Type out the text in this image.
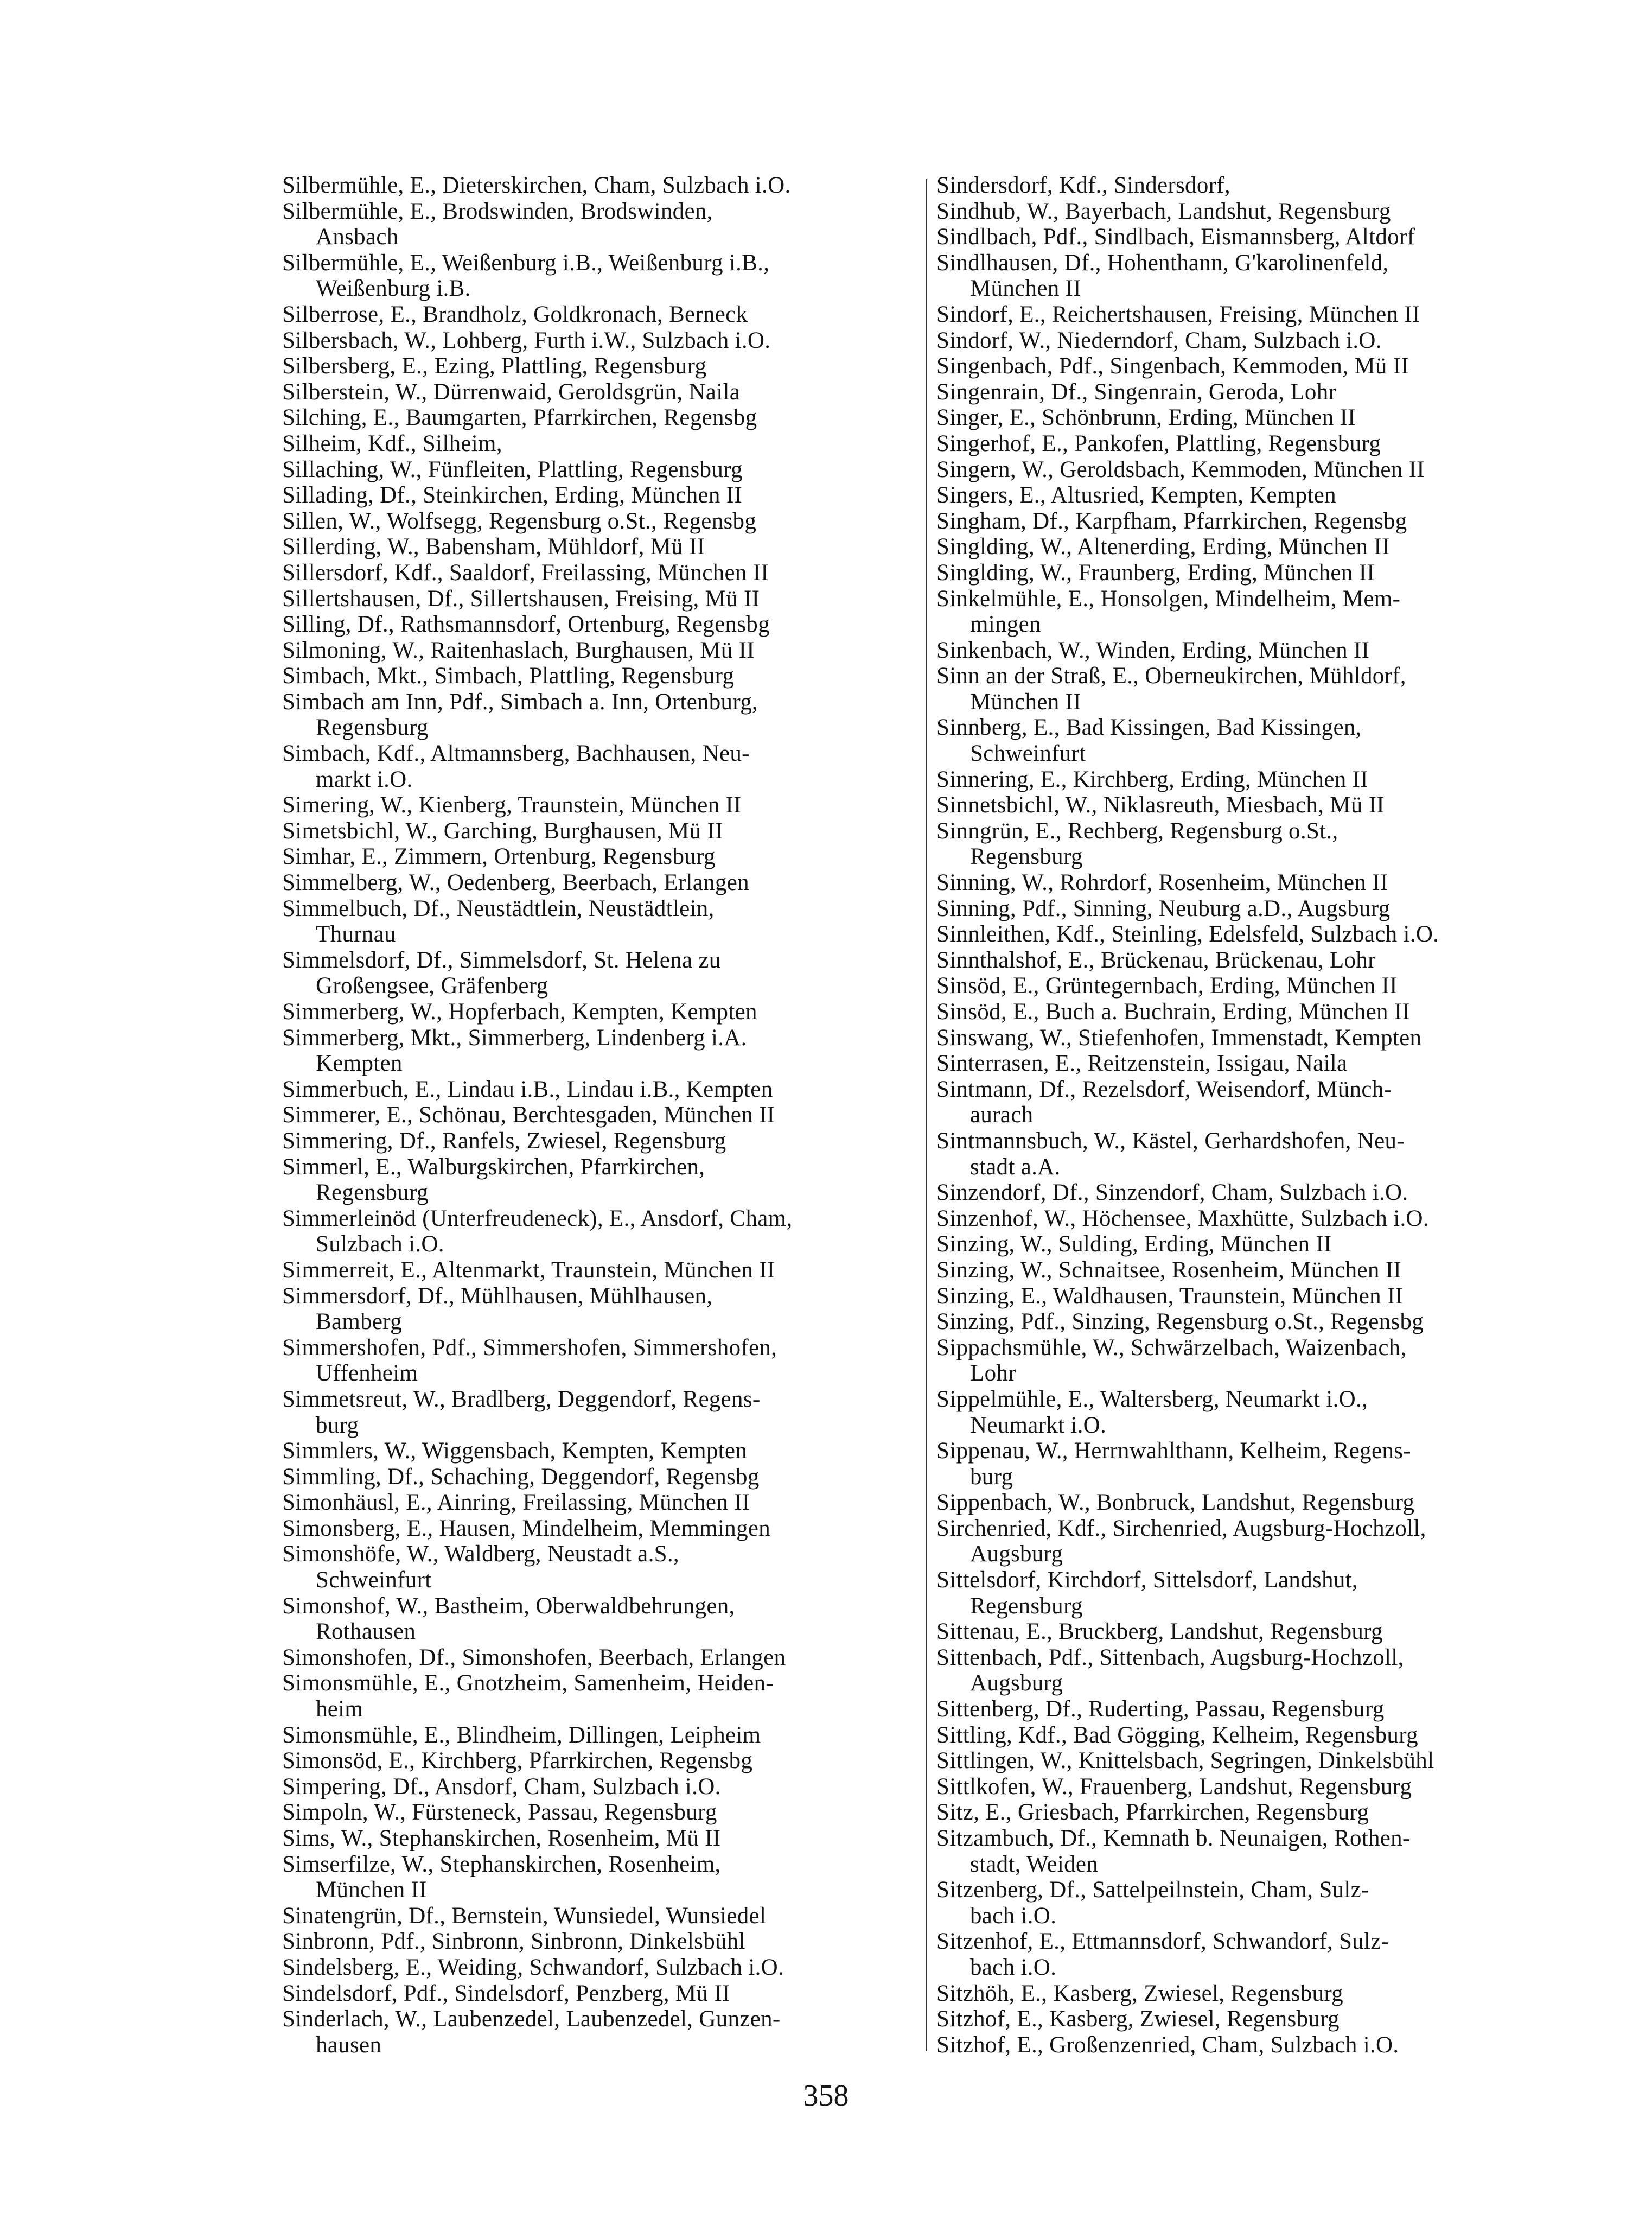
Silbermühle, E., Dieterskirchen, Cham, Sulzbach i.O.
Silbermühle, E., Brodswinden, Brodswinden,
Ansbach
Silbermühle, E., Weißenburg i.B., Weißenburg i.B.,
Weißenburg i.B.
Silberrose, E., Brandholz, Goldkronach, Berneck
Silbersbach, W., Lohberg, Furth i.W., Sulzbach i.O.
Silbersberg, E., Ezing, Plattling, Regensburg
Silberstein, W., Dürrenwaid, Geroldsgrün, Naila
Silching, E., Baumgarten, Pfarrkirchen, Regensbg
Silheim, Kdf., Silheim,
Sillaching, W., Fünfleiten, Plattling, Regensburg
Sillading, Df., Steinkirchen, Erding, München II
Sillen, W., Wolfsegg, Regensburg o.St., Regensbg
Sillerding, W., Babensham, Mühldorf, Mü II
Sillersdorf, Kdf., Saaldorf, Freilassing, München II
Sillertshausen, Df., Sillertshausen, Freising, Mü II
Silling, Df., Rathsmannsdorf, Ortenburg, Regensbg
Silmoning, W., Raitenhaslach, Burghausen, Mü II
Simbach, Mkt., Simbach, Plattling, Regensburg
Simbach am Inn, Pdf., Simbach a. Inn, Ortenburg,
Regensburg
Simbach, Kdf., Altmannsberg, Bachhausen, Neu-
markt i.O.
Simering, W., Kienberg, Traunstein, München II
Simetsbichl, W., Garching, Burghausen, Mü II
Simhar, E., Zimmern, Ortenburg, Regensburg
Simmelberg, W., Oedenberg, Beerbach, Erlangen
Simmelbuch, Df., Neustädtlein, Neustädtlein,
Thurnau
Simmelsdorf, Df., Simmelsdorf, St. Helena zu
Großengsee, Gräfenberg
Simmerberg, W., Hopferbach, Kempten, Kempten
Simmerberg, Mkt., Simmerberg, Lindenberg i.A.
Kempten
Simmerbuch, E., Lindau i.B., Lindau i.B., Kempten
Simmerer, E., Schönau, Berchtesgaden, München II
Simmering, Df., Ranfels, Zwiesel, Regensburg
Simmerl, E., Walburgskirchen, Pfarrkirchen,
Regensburg
Simmerleinöd (Unterfreudeneck), E., Ansdorf, Cham,
Sulzbach i.O.
Simmerreit, E., Altenmarkt, Traunstein, München II
Simmersdorf, Df., Mühlhausen, Mühlhausen,
Bamberg
Simmershofen, Pdf., Simmershofen, Simmershofen,
Uffenheim
Simmetsreut, W., Bradlberg, Deggendorf, Regens-
burg
Simmlers, W., Wiggensbach, Kempten, Kempten
Simmling, Df., Schaching, Deggendorf, Regensbg
Simonhäusl, E., Ainring, Freilassing, München II
Simonsberg, E., Hausen, Mindelheim, Memmingen
Simonshöfe, W., Waldberg, Neustadt a.S.,
Schweinfurt
Simonshof, W., Bastheim, Oberwaldbehrungen,
Rothausen
Simonshofen, Df., Simonshofen, Beerbach, Erlangen
Simonsmühle, E., Gnotzheim, Samenheim, Heiden-
heim
Simonsmühle, E., Blindheim, Dillingen, Leipheim
Simonsöd, E., Kirchberg, Pfarrkirchen, Regensbg
Simpering, Df., Ansdorf, Cham, Sulzbach i.O.
Simpoln, W., Fürsteneck, Passau, Regensburg
Sims, W., Stephanskirchen, Rosenheim, Mü II
Simserfilze, W., Stephanskirchen, Rosenheim,
München II
Sinatengrün, Df., Bernstein, Wunsiedel, Wunsiedel
Sinbronn, Pdf., Sinbronn, Sinbronn, Dinkelsbühl
Sindelsberg, E., Weiding, Schwandorf, Sulzbach i.O.
Sindelsdorf, Pdf., Sindelsdorf, Penzberg, Mü II
Sinderlach, W., Laubenzedel, Laubenzedel, Gunzen-
hausen
Sindersdorf, Kdf., Sindersdorf,
Sindhub, W., Bayerbach, Landshut, Regensburg
Sindlbach, Pdf., Sindlbach, Eismannsberg, Altdorf
Sindlhausen, Df., Hohenthann, G'karolinenfeld,
München II
Sindorf, E., Reichertshausen, Freising, München II
Sindorf, W., Niederndorf, Cham, Sulzbach i.O.
Singenbach, Pdf., Singenbach, Kemmoden, Mü II
Singenrain, Df., Singenrain, Geroda, Lohr
Singer, E., Schönbrunn, Erding, München II
Singerhof, E., Pankofen, Plattling, Regensburg
Singern, W., Geroldsbach, Kemmoden, München II
Singers, E., Altusried, Kempten, Kempten
Singham, Df., Karpfham, Pfarrkirchen, Regensbg
Singlding, W., Altenerding, Erding, München II
Singlding, W., Fraunberg, Erding, München II
Sinkelmühle, E., Honsolgen, Mindelheim, Mem-
mingen
Sinkenbach, W., Winden, Erding, München II
Sinn an der Straß, E., Oberneukirchen, Mühldorf,
München II
Sinnberg, E., Bad Kissingen, Bad Kissingen,
Schweinfurt
Sinnering, E., Kirchberg, Erding, München II
Sinnetsbichl, W., Niklasreuth, Miesbach, Mü II
Sinngrün, E., Rechberg, Regensburg o.St.,
Regensburg
Sinning, W., Rohrdorf, Rosenheim, München II
Sinning, Pdf., Sinning, Neuburg a.D., Augsburg
Sinnleithen, Kdf., Steinling, Edelsfeld, Sulzbach i.O.
Sinnthalshof, E., Brückenau, Brückenau, Lohr
Sinsöd, E., Grüntegernbach, Erding, München II
Sinsöd, E., Buch a. Buchrain, Erding, München II
Sinswang, W., Stiefenhofen, Immenstadt, Kempten
Sinterrasen, E., Reitzenstein, Issigau, Naila
Sintmann, Df., Rezelsdorf, Weisendorf, Münch-
aurach
Sintmannsbuch, W., Kästel, Gerhardshofen, Neu-
stadt a.A.
Sinzendorf, Df., Sinzendorf, Cham, Sulzbach i.O.
Sinzenhof, W., Höchensee, Maxhütte, Sulzbach i.O.
Sinzing, W., Sulding, Erding, München II
Sinzing, W., Schnaitsee, Rosenheim, München II
Sinzing, E., Waldhausen, Traunstein, München II
Sinzing, Pdf., Sinzing, Regensburg o.St., Regensbg
Sippachsmühle, W., Schwärzelbach, Waizenbach,
Lohr
Sippelmühle, E., Waltersberg, Neumarkt i.O.,
Neumarkt i.O.
Sippenau, W., Herrnwahlthann, Kelheim, Regens-
burg
Sippenbach, W., Bonbruck, Landshut, Regensburg
Sirchenried, Kdf., Sirchenried, Augsburg-Hochzoll,
Augsburg
Sittelsdorf, Kirchdorf, Sittelsdorf, Landshut,
Regensburg
Sittenau, E., Bruckberg, Landshut, Regensburg
Sittenbach, Pdf., Sittenbach, Augsburg-Hochzoll,
Augsburg
Sittenberg, Df., Ruderting, Passau, Regensburg
Sittling, Kdf., Bad Gögging, Kelheim, Regensburg
Sittlingen, W., Knittelsbach, Segringen, Dinkelsbühl
Sittlkofen, W., Frauenberg, Landshut, Regensburg
Sitz, E., Griesbach, Pfarrkirchen, Regensburg
Sitzambuch, Df., Kemnath b. Neunaigen, Rothen-
stadt, Weiden
Sitzenberg, Df., Sattelpeilnstein, Cham, Sulz-
bach i.O.
Sitzenhof, E., Ettmannsdorf, Schwandorf, Sulz-
bach i.O.
Sitzhöh, E., Kasberg, Zwiesel, Regensburg
Sitzhof, E., Kasberg, Zwiesel, Regensburg
Sitzhof, E., Großenzenried, Cham, Sulzbach i.O.
358
